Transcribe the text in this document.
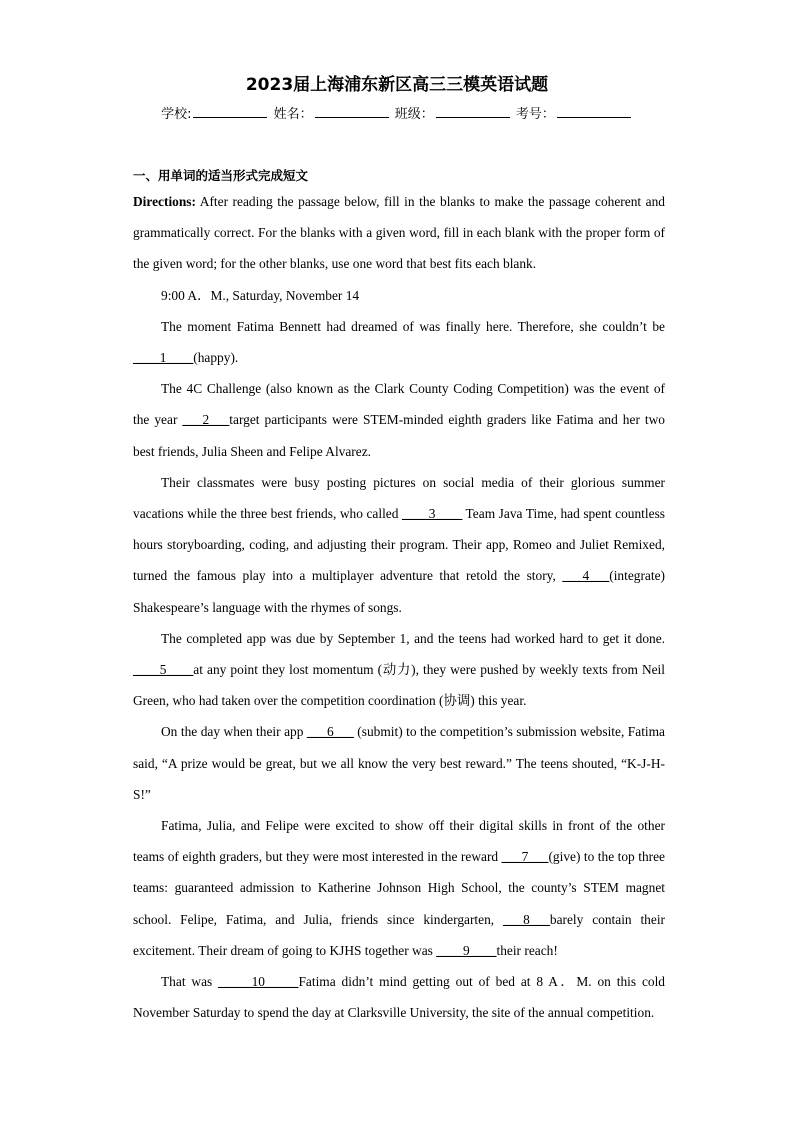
2023届上海浦东新区高三三模英语试题
学校:	姓名：	班级：	考号：
一、用单词的适当形式完成短文

Directions: After reading the passage below, fill in the blanks to make the passage coherent and grammatically correct. For the blanks with a given word, fill in each blank with the proper form of the given word; for the other blanks, use one word that best fits each blank.

9:00 A．M., Saturday, November 14

The moment Fatima Bennett had dreamed of was finally here. Therefore, she couldn’t be ____1____(happy).

The 4C Challenge (also known as the Clark County Coding Competition) was the event of the year ___2___target participants were STEM-minded eighth graders like Fatima and her two best friends, Julia Sheen and Felipe Alvarez.

Their classmates were busy posting pictures on social media of their glorious summer vacations while the three best friends, who called ____3____ Team Java Time, had spent countless hours storyboarding, coding, and adjusting their program. Their app, Romeo and Juliet Remixed, turned the famous play into a multiplayer adventure that retold the story, ___4___(integrate) Shakespeare’s language with the rhymes of songs.

The completed app was due by September 1, and the teens had worked hard to get it done. ____5____at any point they lost momentum (动力), they were pushed by weekly texts from Neil Green, who had taken over the competition coordination (协调) this year.

On the day when their app ___6___ (submit) to the competition’s submission website, Fatima said, “A prize would be great, but we all know the very best reward.” The teens shouted, “K-J-H-S!”

Fatima, Julia, and Felipe were excited to show off their digital skills in front of the other teams of eighth graders, but they were most interested in the reward ___7___(give) to the top three teams: guaranteed admission to Katherine Johnson High School, the county’s STEM magnet school. Felipe, Fatima, and Julia, friends since kindergarten, ___8___barely contain their excitement. Their dream of going to KJHS together was ____9____their reach!

That was _____10_____Fatima didn’t mind getting out of bed at 8 A．M. on this cold November Saturday to spend the day at Clarksville University, the site of the annual competition.
